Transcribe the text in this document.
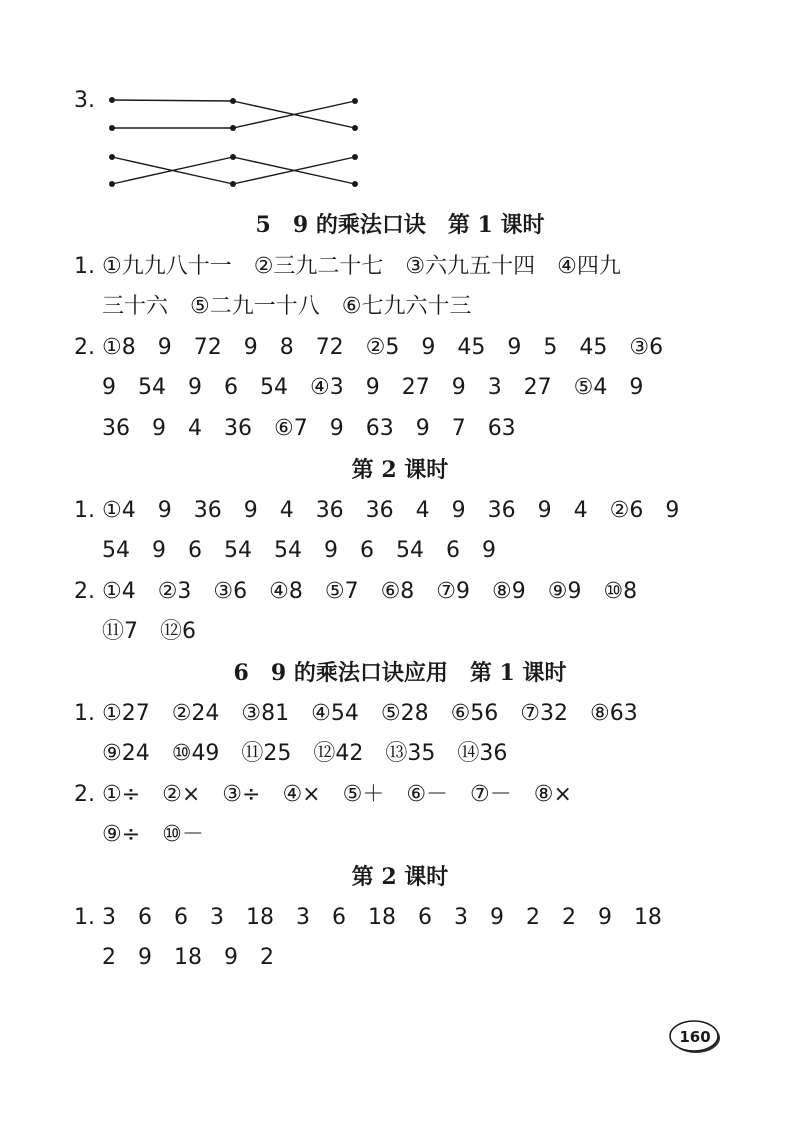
3.
5　9 的乘法口诀　第 1 课时
1. ①九九八十一　②三九二十七　③六九五十四　④四九
三十六　⑤二九一十八　⑥七九六十三
2. ①8　9　72　9　8　72　②5　9　45　9　5　45　③6
9　54　9　6　54　④3　9　27　9　3　27　⑤4　9
36　9　4　36　⑥7　9　63　9　7　63
第 2 课时
1. ①4　9　36　9　4　36　36　4　9　36　9　4　②6　9
54　9　6　54　54　9　6　54　6　9
2. ①4　②3　③6　④8　⑤7　⑥8　⑦9　⑧9　⑨9　⑩8
⑪7　⑫6
6　9 的乘法口诀应用　第 1 课时
1. ①27　②24　③81　④54　⑤28　⑥56　⑦32　⑧63
⑨24　⑩49　⑪25　⑫42　⑬35　⑭36
2. ①÷　②×　③÷　④×　⑤＋　⑥－　⑦－　⑧×
⑨÷　⑩－
第 2 课时
1. 3　6　6　3　18　3　6　18　6　3　9　2　2　9　18
2　9　18　9　2
160
